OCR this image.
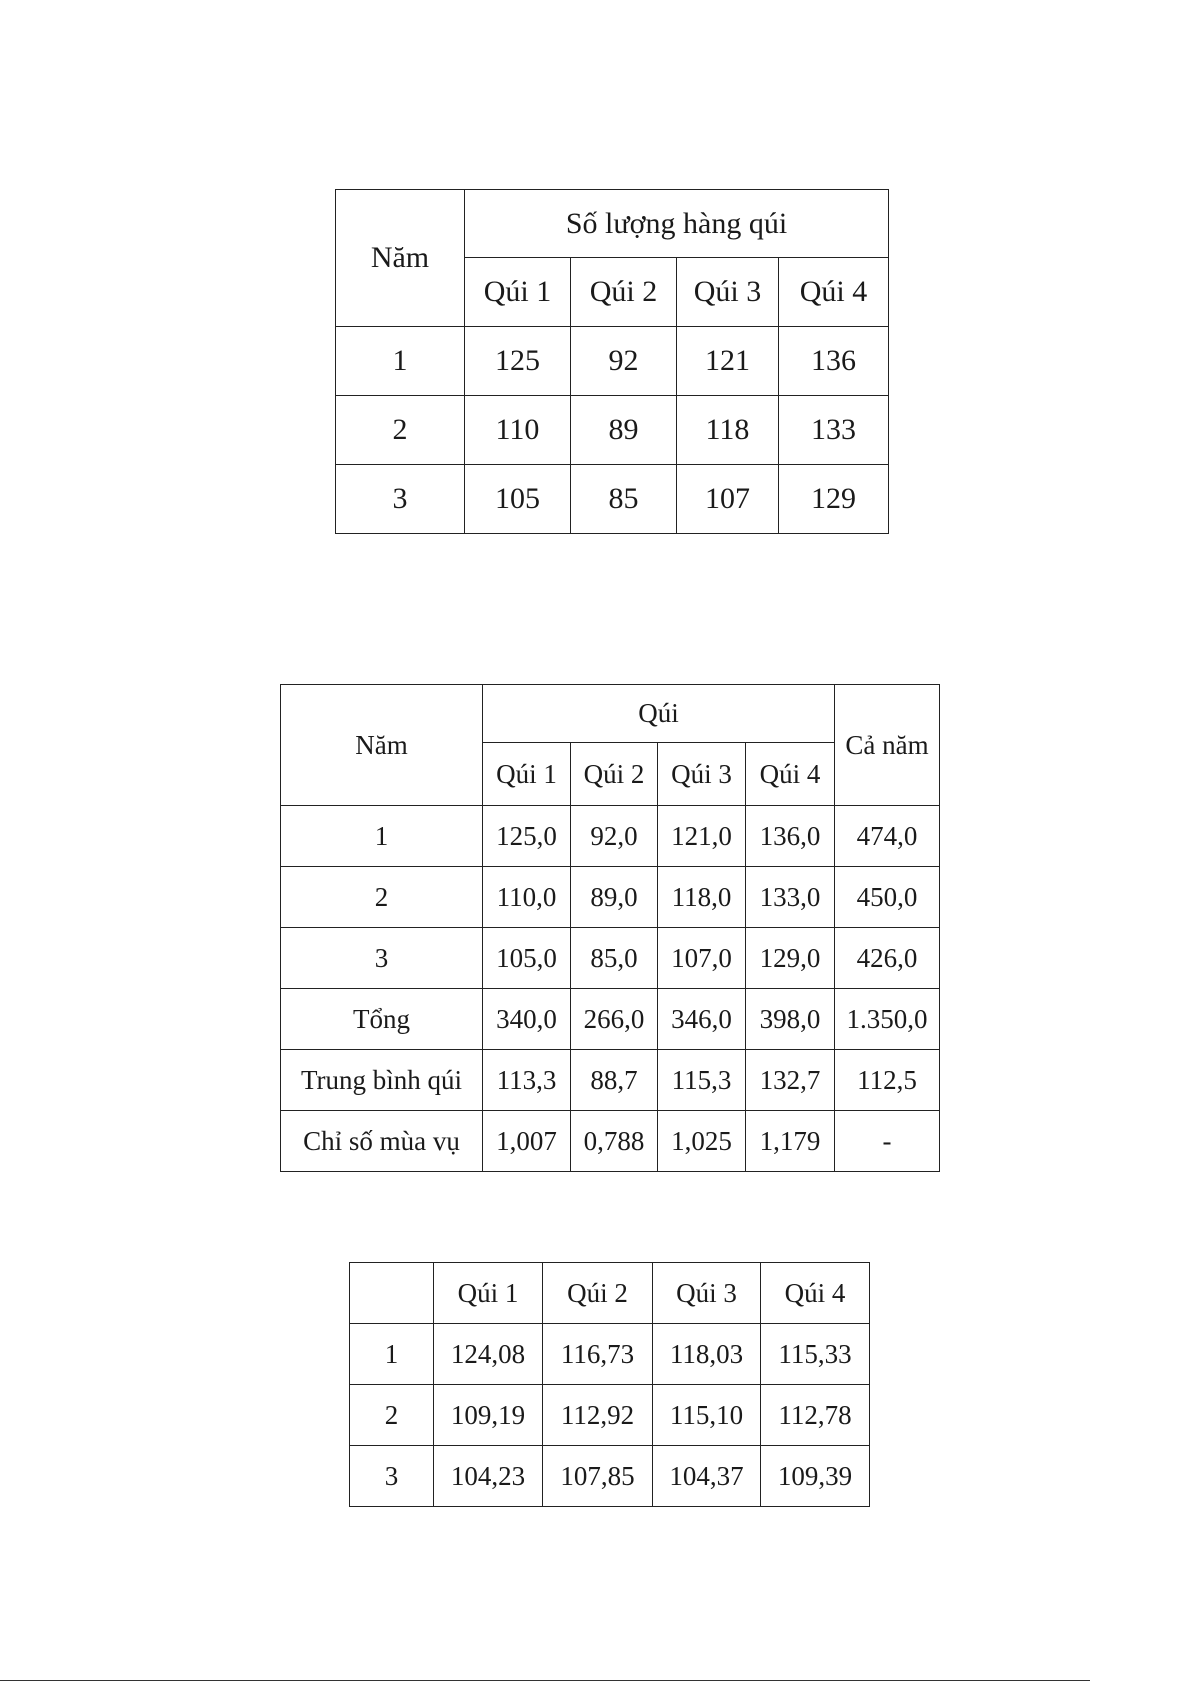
Năm	Số lượng hàng qúi			
	Qúi 1	Qúi 2	Qúi 3	Qúi 4
1	125	92	121	136
2	110	89	118	133
3	105	85	107	129
Năm	Qúi				Cả năm
	Qúi 1	Qúi 2	Qúi 3	Qúi 4	
1	125,0	92,0	121,0	136,0	474,0
2	110,0	89,0	118,0	133,0	450,0
3	105,0	85,0	107,0	129,0	426,0
Tổng	340,0	266,0	346,0	398,0	1.350,0
Trung bình qúi	113,3	88,7	115,3	132,7	112,5
Chỉ số mùa vụ	1,007	0,788	1,025	1,179	-
	Qúi 1	Qúi 2	Qúi 3	Qúi 4
1	124,08	116,73	118,03	115,33
2	109,19	112,92	115,10	112,78
3	104,23	107,85	104,37	109,39
